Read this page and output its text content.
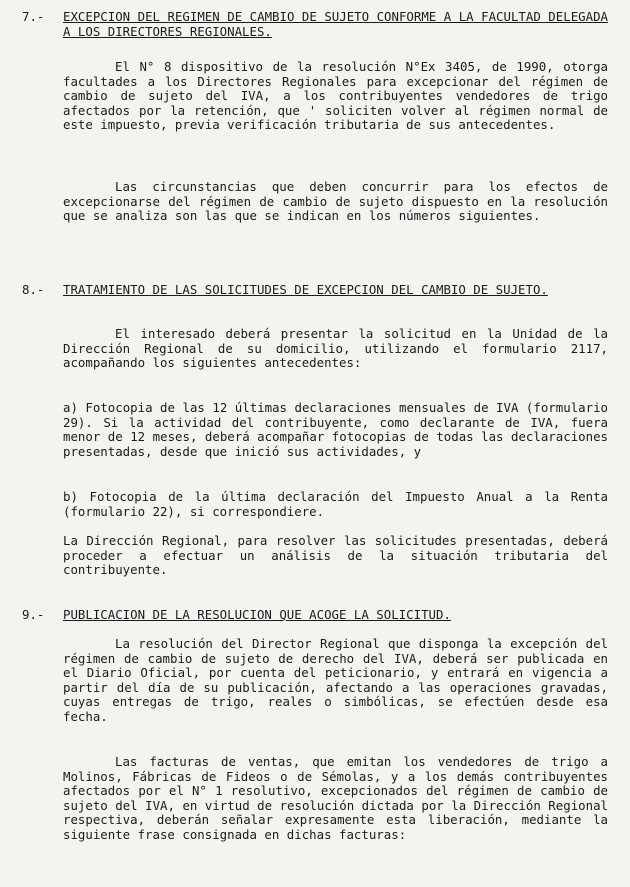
7.- EXCEPCION DEL REGIMEN DE CAMBIO DE SUJETO CONFORME A LA FACULTAD DELEGADA A LOS DIRECTORES REGIONALES.
El N° 8 dispositivo de la resolución N°Ex 3405, de 1990, otorga facultades a los Directores Regionales para excepcionar del régimen de cambio de sujeto del IVA, a los contribuyentes vendedores de trigo afectados por la retención, que ' soliciten volver al régimen normal de este impuesto, previa verificación tributaria de sus antecedentes.
Las circunstancias que deben concurrir para los efectos de excepcionarse del régimen de cambio de sujeto dispuesto en la resolución que se analiza son las que se indican en los números siguientes.
8.- TRATAMIENTO DE LAS SOLICITUDES DE EXCEPCION DEL CAMBIO DE SUJETO.
El interesado deberá presentar la solicitud en la Unidad de la Dirección Regional de su domicilio, utilizando el formulario 2117, acompañando los siguientes antecedentes:
a) Fotocopia de las 12 últimas declaraciones mensuales de IVA (formulario 29). Si la actividad del contribuyente, como declarante de IVA, fuera menor de 12 meses, deberá acompañar fotocopias de todas las declaraciones presentadas, desde que inició sus actividades, y
b) Fotocopia de la última declaración del Impuesto Anual a la Renta (formulario 22), si correspondiere.
La Dirección Regional, para resolver las solicitudes presentadas, deberá proceder a efectuar un análisis de la situación tributaria del contribuyente.
9.- PUBLICACION DE LA RESOLUCION QUE ACOGE LA SOLICITUD.
La resolución del Director Regional que disponga la excepción del régimen de cambio de sujeto de derecho del IVA, deberá ser publicada en el Diario Oficial, por cuenta del peticionario, y entrará en vigencia a partir del día de su publicación, afectando a las operaciones gravadas, cuyas entregas de trigo, reales o simbólicas, se efectúen desde esa fecha.
Las facturas de ventas, que emitan los vendedores de trigo a Molinos, Fábricas de Fideos o de Sémolas, y a los demás contribuyentes afectados por el N° 1 resolutivo, excepcionados del régimen de cambio de sujeto del IVA, en virtud de resolución dictada por la Dirección Regional respectiva, deberán señalar expresamente esta liberación, mediante la siguiente frase consignada en dichas facturas:
